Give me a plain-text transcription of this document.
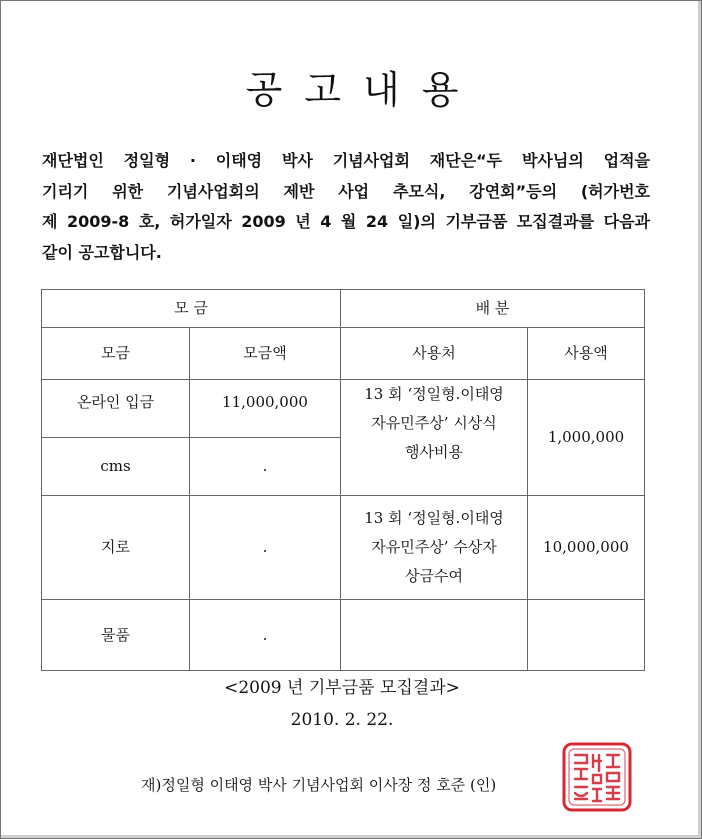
공고내용
재단법인 정일형 · 이태영 박사 기념사업회 재단은“두 박사님의 업적을
기리기 위한 기념사업회의 제반 사업 추모식, 강연회”등의 (허가번호
제 2009-8 호, 허가일자 2009 년 4 월 24 일)의 기부금품 모집결과를 다음과
같이 공고합니다.
모 금		배 분	
모금	모금액	사용처	사용액
온라인 입금	11,000,000	13 회 ‘정일형.이태영
자유민주상’ 시상식
행사비용	1,000,000
cms	.		
지로	.	13 회 ‘정일형.이태영
자유민주상’ 수상자
상금수여	10,000,000
물품	.		
<2009 년 기부금품 모집결과>
2010. 2. 22.
재)정일형 이태영 박사 기념사업회 이사장 정 호준 (인)
